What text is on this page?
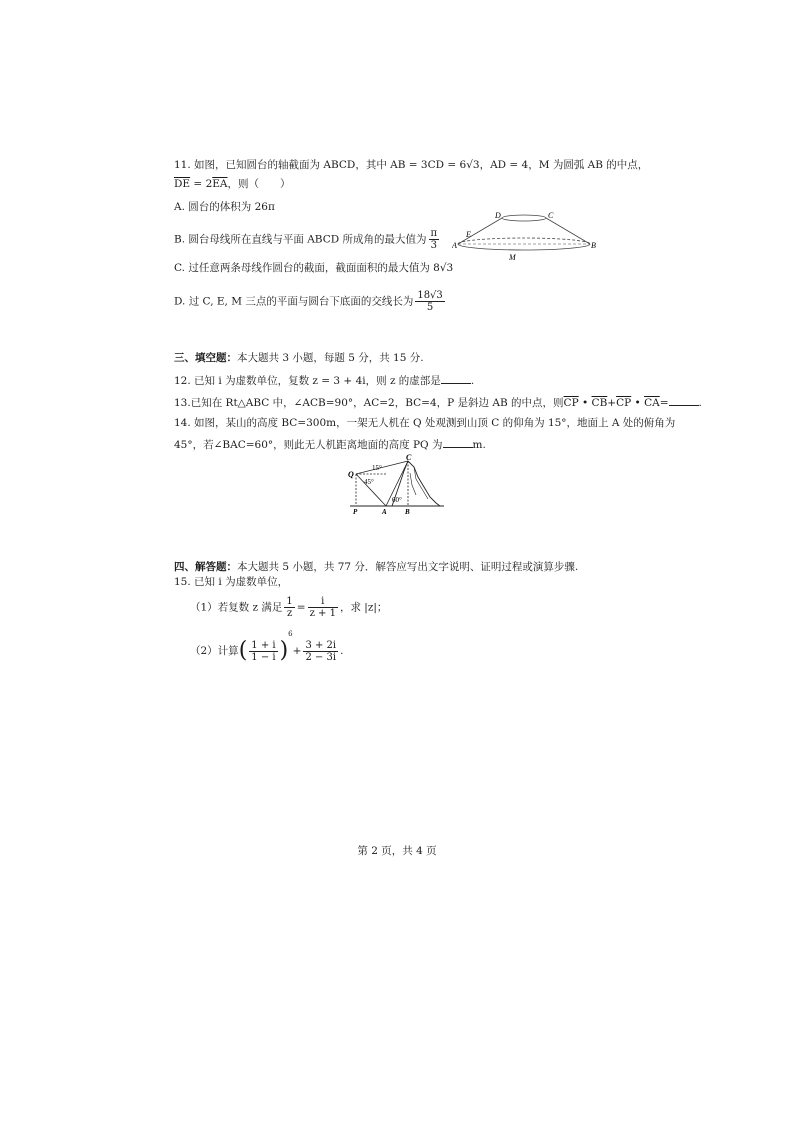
11. 如图，已知圆台的轴截面为 ABCD，其中 AB = 3CD = 6√3，AD = 4，M 为圆弧 AB 的中点，
$\overline{DE} = 2\overline{EA}$，则（　　）
A. 圆台的体积为 26π
B. 圆台母线所在直线与平面 ABCD 所成角的最大值为 $\frac{\pi}{3}$
C. 过任意两条母线作圆台的截面，截面面积的最大值为 8√3
D. 过 C, E, M 三点的平面与圆台下底面的交线长为 $\frac{18√3}{5}$
D	C
E
A	B
M
三、填空题：本大题共 3 小题，每题 5 分，共 15 分.
12. 已知 i 为虚数单位，复数 z = 3 + 4i，则 z 的虚部是	.
13.已知在 Rt△ABC 中，∠ACB=90°，AC=2，BC=4，P 是斜边 AB 的中点，则$\overline{CP}$ • $\overline{CB}+\overline{CP}$ • $\overline{CA}=$	.
14. 如图，某山的高度 BC=300m，一架无人机在 Q 处观测到山顶 C 的仰角为 15°，地面上 A 处的俯角为
45°，若∠BAC=60°，则此无人机距离地面的高度 PQ 为	m.
Q
C
P	A	B
15°
45°
60°
四、解答题：本大题共 5 小题，共 77 分．解答应写出文字说明、证明过程或演算步骤.
15. 已知 i 为虚数单位，
（1）若复数 z 满足 $\frac{1}{z} = \frac{i}{z + 1}$ ，求 |z|；
（2）计算( $\frac{1 + i}{1 - i} )^6+ \frac{3 + 2i}{2 - 3i}$ .
第 2 页，共 4 页
